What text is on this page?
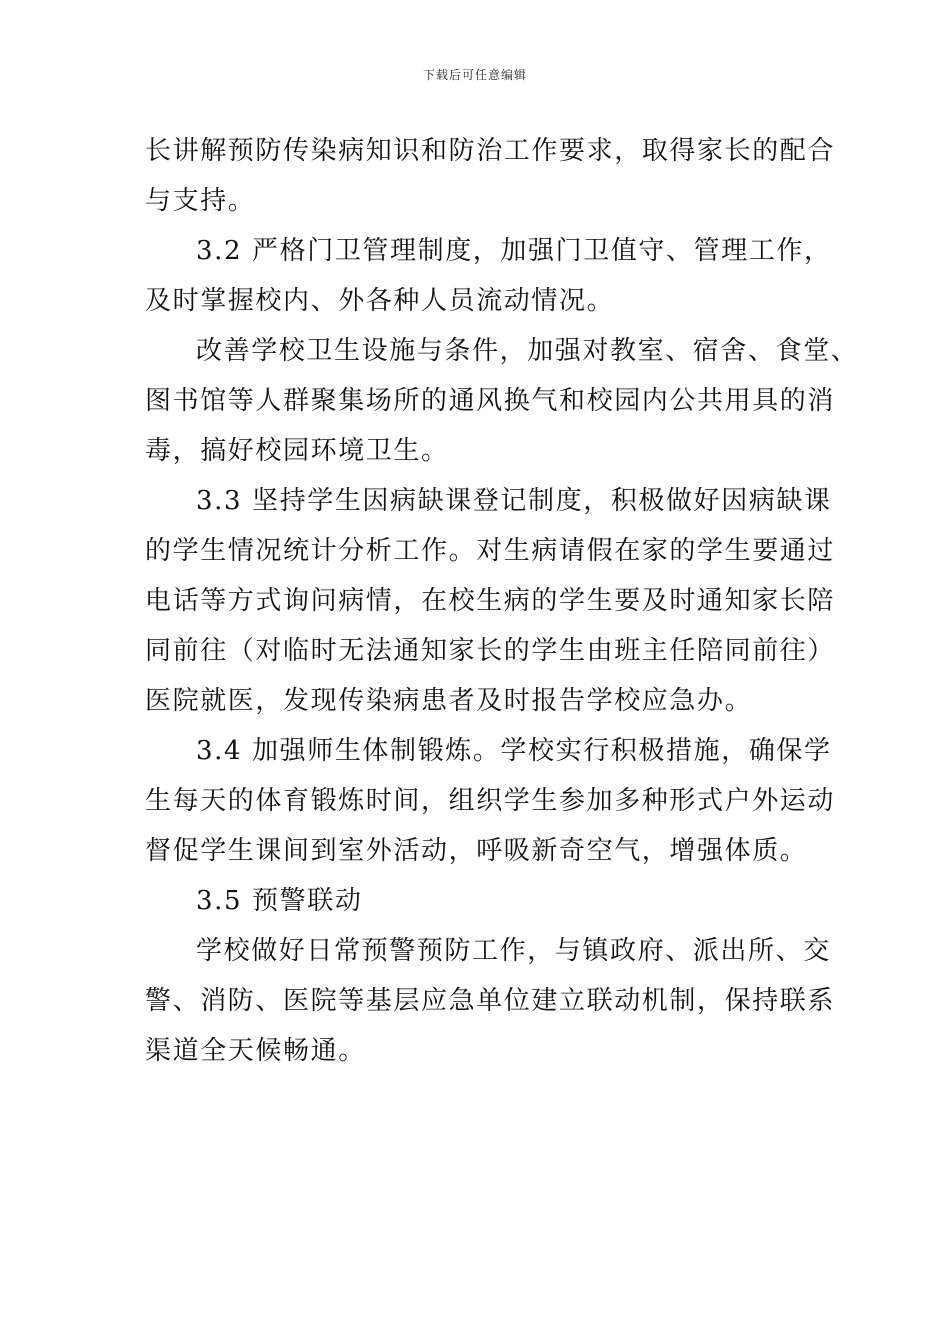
下载后可任意编辑

长讲解预防传染病知识和防治工作要求，取得家长的配合

与支持。

3.2 严格门卫管理制度，加强门卫值守、管理工作，

及时掌握校内、外各种人员流动情况。

改善学校卫生设施与条件，加强对教室、宿舍、食堂、

图书馆等人群聚集场所的通风换气和校园内公共用具的消

毒，搞好校园环境卫生。

3.3 坚持学生因病缺课登记制度，积极做好因病缺课

的学生情况统计分析工作。对生病请假在家的学生要通过

电话等方式询问病情，在校生病的学生要及时通知家长陪

同前往（对临时无法通知家长的学生由班主任陪同前往）

医院就医，发现传染病患者及时报告学校应急办。

3.4 加强师生体制锻炼。学校实行积极措施，确保学

生每天的体育锻炼时间，组织学生参加多种形式户外运动

督促学生课间到室外活动，呼吸新奇空气，增强体质。

3.5 预警联动

学校做好日常预警预防工作，与镇政府、派出所、交

警、消防、医院等基层应急单位建立联动机制，保持联系

渠道全天候畅通。
